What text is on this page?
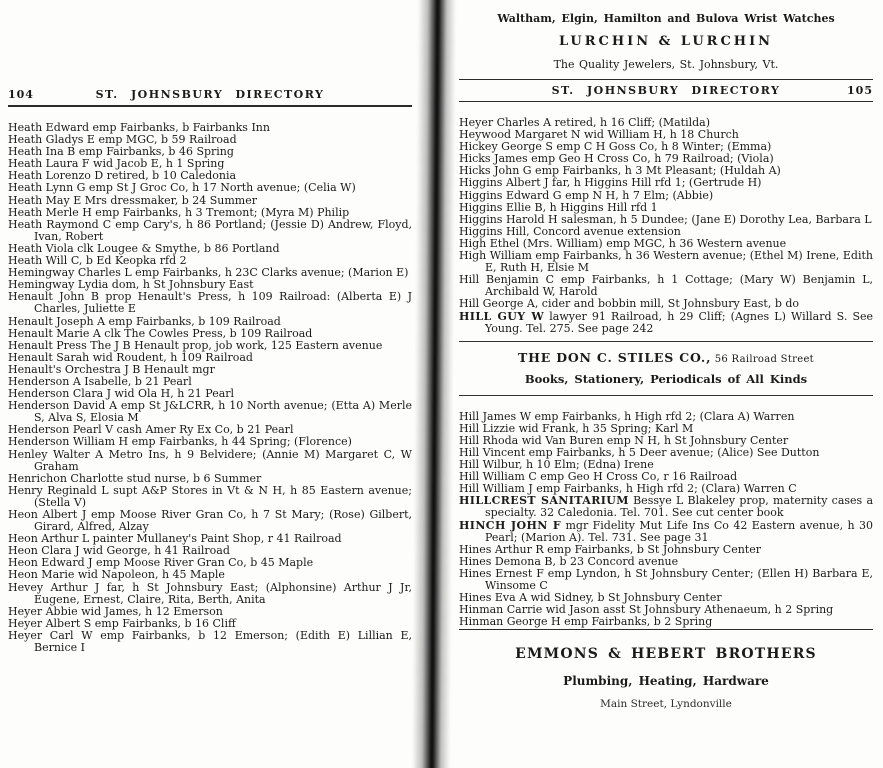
104	ST. JOHNSBURY DIRECTORY
Heath Edward emp Fairbanks, b Fairbanks Inn
Heath Gladys E emp MGC, b 59 Railroad
Heath Ina B emp Fairbanks, b 46 Spring
Heath Laura F wid Jacob E, h 1 Spring
Heath Lorenzo D retired, b 10 Caledonia
Heath Lynn G emp St J Groc Co, h 17 North avenue; (Celia W)
Heath May E Mrs dressmaker, b 24 Summer
Heath Merle H emp Fairbanks, h 3 Tremont; (Myra M) Philip
Heath Raymond C emp Cary's, h 86 Portland; (Jessie D) Andrew, Floyd, Ivan, Robert
Heath Viola clk Lougee & Smythe, b 86 Portland
Heath Will C, b Ed Keopka rfd 2
Hemingway Charles L emp Fairbanks, h 23C Clarks avenue; (Marion E)
Hemingway Lydia dom, h St Johnsbury East
Henault John B prop Henault's Press, h 109 Railroad: (Alberta E) J Charles, Juliette E
Henault Joseph A emp Fairbanks, b 109 Railroad
Henault Marie A clk The Cowles Press, b 109 Railroad
Henault Press The J B Henault prop, job work, 125 Eastern avenue
Henault Sarah wid Roudent, h 109 Railroad
Henault's Orchestra J B Henault mgr
Henderson A Isabelle, b 21 Pearl
Henderson Clara J wid Ola H, h 21 Pearl
Henderson David A emp St J&LCRR, h 10 North avenue; (Etta A) Merle S, Alva S, Elosia M
Henderson Pearl V cash Amer Ry Ex Co, b 21 Pearl
Henderson William H emp Fairbanks, h 44 Spring; (Florence)
Henley Walter A Metro Ins, h 9 Belvidere; (Annie M) Margaret C, W Graham
Henrichon Charlotte stud nurse, b 6 Summer
Henry Reginald L supt A&P Stores in Vt & N H, h 85 Eastern avenue; (Stella V)
Heon Albert J emp Moose River Gran Co, h 7 St Mary; (Rose) Gilbert, Girard, Alfred, Alzay
Heon Arthur L painter Mullaney's Paint Shop, r 41 Railroad
Heon Clara J wid George, h 41 Railroad
Heon Edward J emp Moose River Gran Co, b 45 Maple
Heon Marie wid Napoleon, h 45 Maple
Hevey Arthur J far, h St Johnsbury East; (Alphonsine) Arthur J Jr, Eugene, Ernest, Claire, Rita, Berth, Anita
Heyer Abbie wid James, h 12 Emerson
Heyer Albert S emp Fairbanks, b 16 Cliff
Heyer Carl W emp Fairbanks, b 12 Emerson; (Edith E) Lillian E, Bernice I
Waltham, Elgin, Hamilton and Bulova Wrist Watches
LURCHIN & LURCHIN
The Quality Jewelers, St. Johnsbury, Vt.
ST. JOHNSBURY DIRECTORY	105
Heyer Charles A retired, h 16 Cliff; (Matilda)
Heywood Margaret N wid William H, h 18 Church
Hickey George S emp C H Goss Co, h 8 Winter; (Emma)
Hicks James emp Geo H Cross Co, h 79 Railroad; (Viola)
Hicks John G emp Fairbanks, h 3 Mt Pleasant; (Huldah A)
Higgins Albert J far, h Higgins Hill rfd 1; (Gertrude H)
Higgins Edward G emp N H, h 7 Elm; (Abbie)
Higgins Ellie B, h Higgins Hill rfd 1
Higgins Harold H salesman, h 5 Dundee; (Jane E) Dorothy Lea, Barbara L
Higgins Hill, Concord avenue extension
High Ethel (Mrs. William) emp MGC, h 36 Western avenue
High William emp Fairbanks, h 36 Western avenue; (Ethel M) Irene, Edith E, Ruth H, Elsie M
Hill Benjamin C emp Fairbanks, h 1 Cottage; (Mary W) Benjamin L, Archibald W, Harold
Hill George A, cider and bobbin mill, St Johnsbury East, b do
HILL GUY W lawyer 91 Railroad, h 29 Cliff; (Agnes L) Willard S. See Young. Tel. 275. See page 242
THE DON C. STILES CO., 56 Railroad Street
Books, Stationery, Periodicals of All Kinds
Hill James W emp Fairbanks, h High rfd 2; (Clara A) Warren
Hill Lizzie wid Frank, h 35 Spring; Karl M
Hill Rhoda wid Van Buren emp N H, h St Johnsbury Center
Hill Vincent emp Fairbanks, h 5 Deer avenue; (Alice) See Dutton
Hill Wilbur, h 10 Elm; (Edna) Irene
Hill William C emp Geo H Cross Co, r 16 Railroad
Hill William J emp Fairbanks, h High rfd 2; (Clara) Warren C
HILLCREST SANITARIUM Bessye L Blakeley prop, maternity cases a specialty. 32 Caledonia. Tel. 701. See cut center book
HINCH JOHN F mgr Fidelity Mut Life Ins Co 42 Eastern avenue, h 30 Pearl; (Marion A). Tel. 731. See page 31
Hines Arthur R emp Fairbanks, b St Johnsbury Center
Hines Demona B, b 23 Concord avenue
Hines Ernest F emp Lyndon, h St Johnsbury Center; (Ellen H) Barbara E, Winsome C
Hines Eva A wid Sidney, b St Johnsbury Center
Hinman Carrie wid Jason asst St Johnsbury Athenaeum, h 2 Spring
Hinman George H emp Fairbanks, b 2 Spring
EMMONS & HEBERT BROTHERS
Plumbing, Heating, Hardware
Main Street, Lyndonville
